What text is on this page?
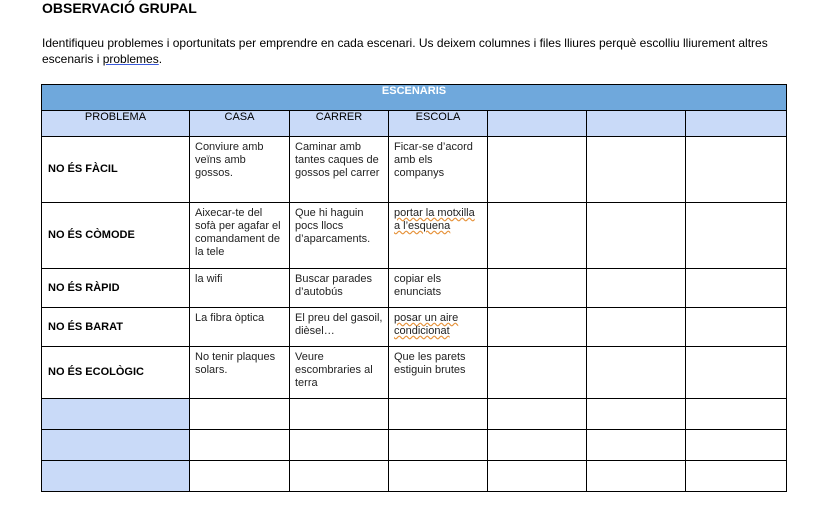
OBSERVACIÓ GRUPAL
Identifiqueu problemes i oportunitats per emprendre en cada escenari. Us deixem columnes i files lliures perquè escolliu lliurement altres escenaris i problemes.
ESCENARIS						
PROBLEMA	CASA	CARRER	ESCOLA			
NO ÉS FÀCIL	Conviure amb veïns amb gossos.	Caminar amb tantes caques de gossos pel carrer	Ficar-se d’acord amb els companys			
NO ÉS CÒMODE	Aixecar-te del sofà per agafar el comandament de la tele	Que hi haguin pocs llocs d’aparcaments.	portar la motxilla a l’esquena			
NO ÉS RÀPID	la wifi	Buscar parades d’autobús	copiar els enunciats			
NO ÉS BARAT	La fibra òptica	El preu del gasoil, dièsel…	posar un aire condicionat			
NO ÉS ECOLÒGIC	No tenir plaques solars.	Veure escombraries al terra	Que les parets estiguin brutes			
